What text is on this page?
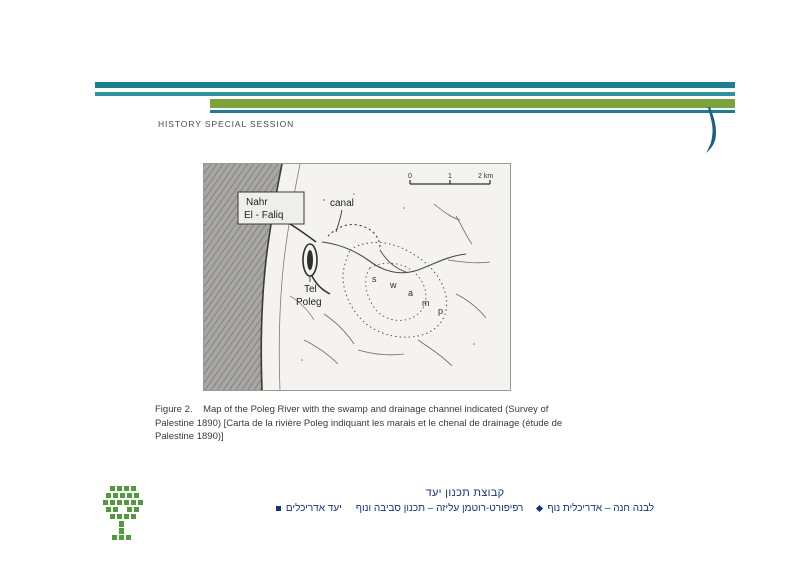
HISTORY SPECIAL SESSION
0	1	2 km
Nahr
El - Faliq
canal
Tel
Poleg
s
w
a
m
p
Figure 2. Map of the Poleg River with the swamp and drainage channel indicated (Survey of Palestine 1890) [Carta de la rivière Poleg indiquant les marais et le chenal de drainage (étude de Palestine 1890)]
קבוצת תכנון יעד
יעד אדריכלים רפיפורט-רוטמן עליזה – תכנון סביבה ונוף לבנה חנה – אדריכלית נוף
